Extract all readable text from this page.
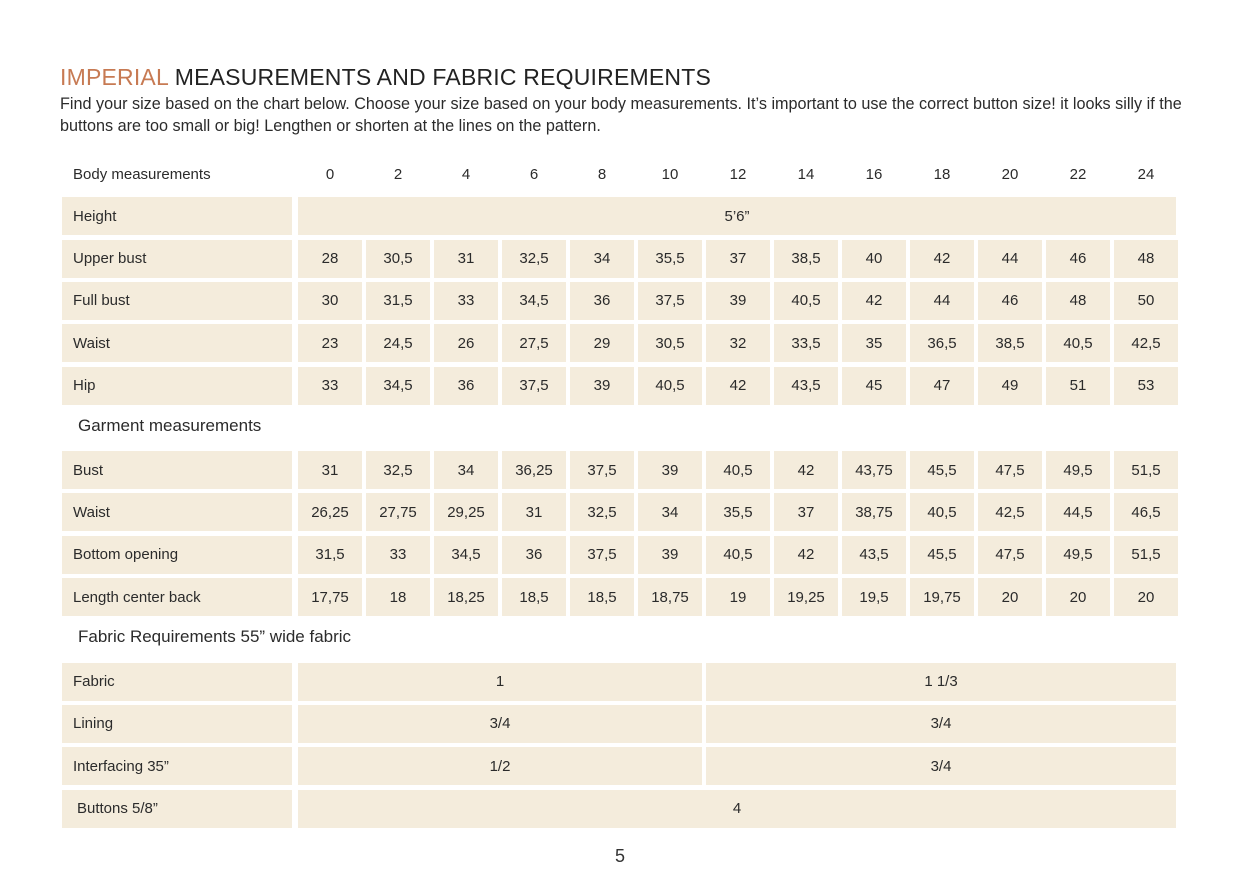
IMPERIAL MEASUREMENTS AND FABRIC REQUIREMENTS
Find your size based on the chart below. Choose your size based on your body measurements. It’s important to use the correct button size! it looks silly if the buttons are too small or big! Lengthen or shorten at the lines on the pattern.
Body measurements	0	2	4	6	8	10	12	14	16	18	20	22	24
Height	5’6”
Upper bust	28	30,5	31	32,5	34	35,5	37	38,5	40	42	44	46	48
Full bust	30	31,5	33	34,5	36	37,5	39	40,5	42	44	46	48	50
Waist	23	24,5	26	27,5	29	30,5	32	33,5	35	36,5	38,5	40,5	42,5
Hip	33	34,5	36	37,5	39	40,5	42	43,5	45	47	49	51	53
Garment measurements
Bust	31	32,5	34	36,25	37,5	39	40,5	42	43,75	45,5	47,5	49,5	51,5
Waist	26,25	27,75	29,25	31	32,5	34	35,5	37	38,75	40,5	42,5	44,5	46,5
Bottom opening	31,5	33	34,5	36	37,5	39	40,5	42	43,5	45,5	47,5	49,5	51,5
Length center back	17,75	18	18,25	18,5	18,5	18,75	19	19,25	19,5	19,75	20	20	20
Fabric Requirements 55” wide fabric
Fabric	1	1 1/3
Lining	3/4	3/4
Interfacing 35”	1/2	3/4
Buttons 5/8”	4
5
